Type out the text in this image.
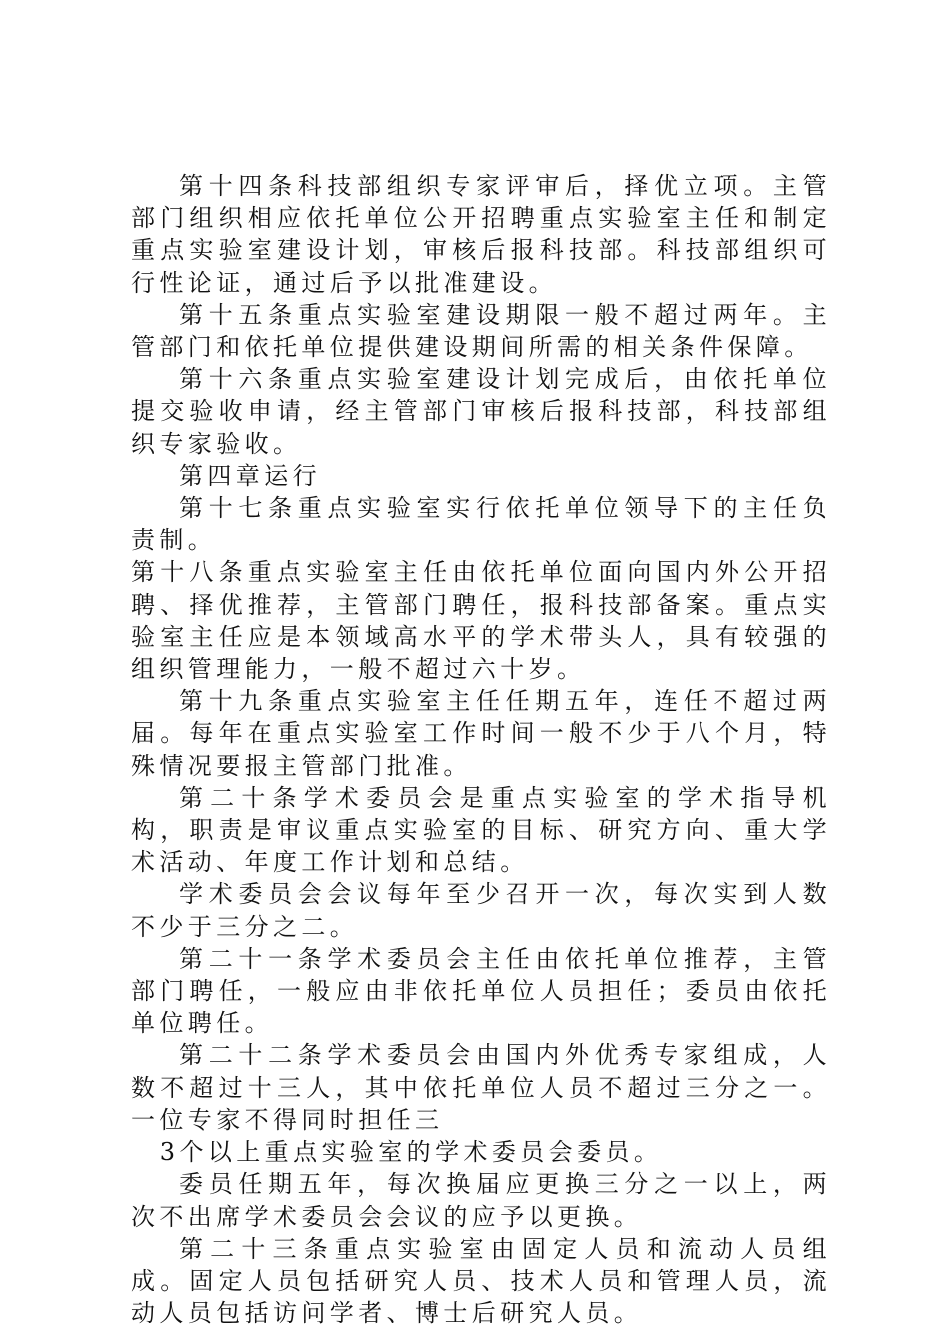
第十四条科技部组织专家评审后，择优立项。主管部门组织相应依托单位公开招聘重点实验室主任和制定重点实验室建设计划，审核后报科技部。科技部组织可行性论证，通过后予以批准建设。

第十五条重点实验室建设期限一般不超过两年。主管部门和依托单位提供建设期间所需的相关条件保障。

第十六条重点实验室建设计划完成后，由依托单位提交验收申请，经主管部门审核后报科技部，科技部组织专家验收。

第四章运行

第十七条重点实验室实行依托单位领导下的主任负责制。

第十八条重点实验室主任由依托单位面向国内外公开招聘、择优推荐，主管部门聘任，报科技部备案。重点实验室主任应是本领域高水平的学术带头人，具有较强的组织管理能力，一般不超过六十岁。

第十九条重点实验室主任任期五年，连任不超过两届。每年在重点实验室工作时间一般不少于八个月，特殊情况要报主管部门批准。

第二十条学术委员会是重点实验室的学术指导机构，职责是审议重点实验室的目标、研究方向、重大学术活动、年度工作计划和总结。

学术委员会会议每年至少召开一次，每次实到人数不少于三分之二。

第二十一条学术委员会主任由依托单位推荐，主管部门聘任，一般应由非依托单位人员担任；委员由依托单位聘任。

第二十二条学术委员会由国内外优秀专家组成，人数不超过十三人，其中依托单位人员不超过三分之一。一位专家不得同时担任三

3个以上重点实验室的学术委员会委员。

委员任期五年，每次换届应更换三分之一以上，两次不出席学术委员会会议的应予以更换。

第二十三条重点实验室由固定人员和流动人员组成。固定人员包括研究人员、技术人员和管理人员，流动人员包括访问学者、博士后研究人员。
